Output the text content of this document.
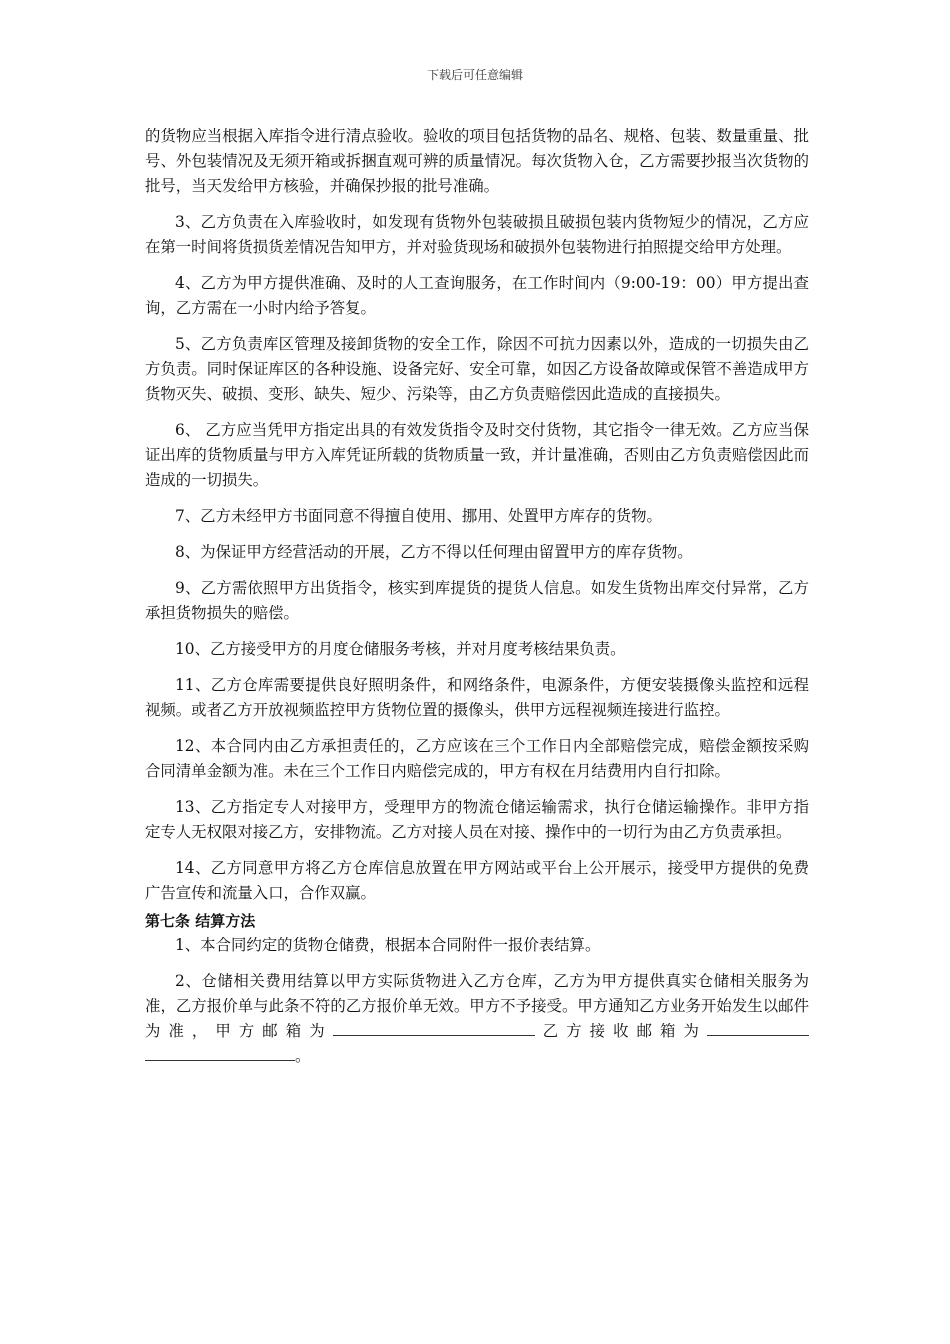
下载后可任意编辑

的货物应当根据入库指令进行清点验收。验收的项目包括货物的品名、规格、包装、数量重量、批号、外包装情况及无须开箱或拆捆直观可辨的质量情况。每次货物入仓，乙方需要抄报当次货物的批号，当天发给甲方核验，并确保抄报的批号准确。

3、乙方负责在入库验收时，如发现有货物外包装破损且破损包装内货物短少的情况，乙方应在第一时间将货损货差情况告知甲方，并对验货现场和破损外包装物进行拍照提交给甲方处理。

4、乙方为甲方提供准确、及时的人工查询服务，在工作时间内（9:00-19：00）甲方提出查询，乙方需在一小时内给予答复。

5、乙方负责库区管理及接卸货物的安全工作，除因不可抗力因素以外，造成的一切损失由乙方负责。同时保证库区的各种设施、设备完好、安全可靠，如因乙方设备故障或保管不善造成甲方货物灭失、破损、变形、缺失、短少、污染等，由乙方负责赔偿因此造成的直接损失。

6、 乙方应当凭甲方指定出具的有效发货指令及时交付货物，其它指令一律无效。乙方应当保证出库的货物质量与甲方入库凭证所载的货物质量一致，并计量准确，否则由乙方负责赔偿因此而造成的一切损失。

7、乙方未经甲方书面同意不得擅自使用、挪用、处置甲方库存的货物。

8、为保证甲方经营活动的开展，乙方不得以任何理由留置甲方的库存货物。

9、乙方需依照甲方出货指令，核实到库提货的提货人信息。如发生货物出库交付异常，乙方承担货物损失的赔偿。

10、乙方接受甲方的月度仓储服务考核，并对月度考核结果负责。

11、乙方仓库需要提供良好照明条件，和网络条件，电源条件，方便安装摄像头监控和远程视频。或者乙方开放视频监控甲方货物位置的摄像头，供甲方远程视频连接进行监控。

12、本合同内由乙方承担责任的，乙方应该在三个工作日内全部赔偿完成，赔偿金额按采购合同清单金额为准。未在三个工作日内赔偿完成的，甲方有权在月结费用内自行扣除。

13、乙方指定专人对接甲方，受理甲方的物流仓储运输需求，执行仓储运输操作。非甲方指定专人无权限对接乙方，安排物流。乙方对接人员在对接、操作中的一切行为由乙方负责承担。

14、乙方同意甲方将乙方仓库信息放置在甲方网站或平台上公开展示，接受甲方提供的免费广告宣传和流量入口，合作双赢。

第七条 结算方法

1、本合同约定的货物仓储费，根据本合同附件一报价表结算。

2、仓储相关费用结算以甲方实际货物进入乙方仓库，乙方为甲方提供真实仓储相关服务为准，乙方报价单与此条不符的乙方报价单无效。甲方不予接受。甲方通知乙方业务开始发生以邮件为准，甲方邮箱为	乙方接收邮箱为。
